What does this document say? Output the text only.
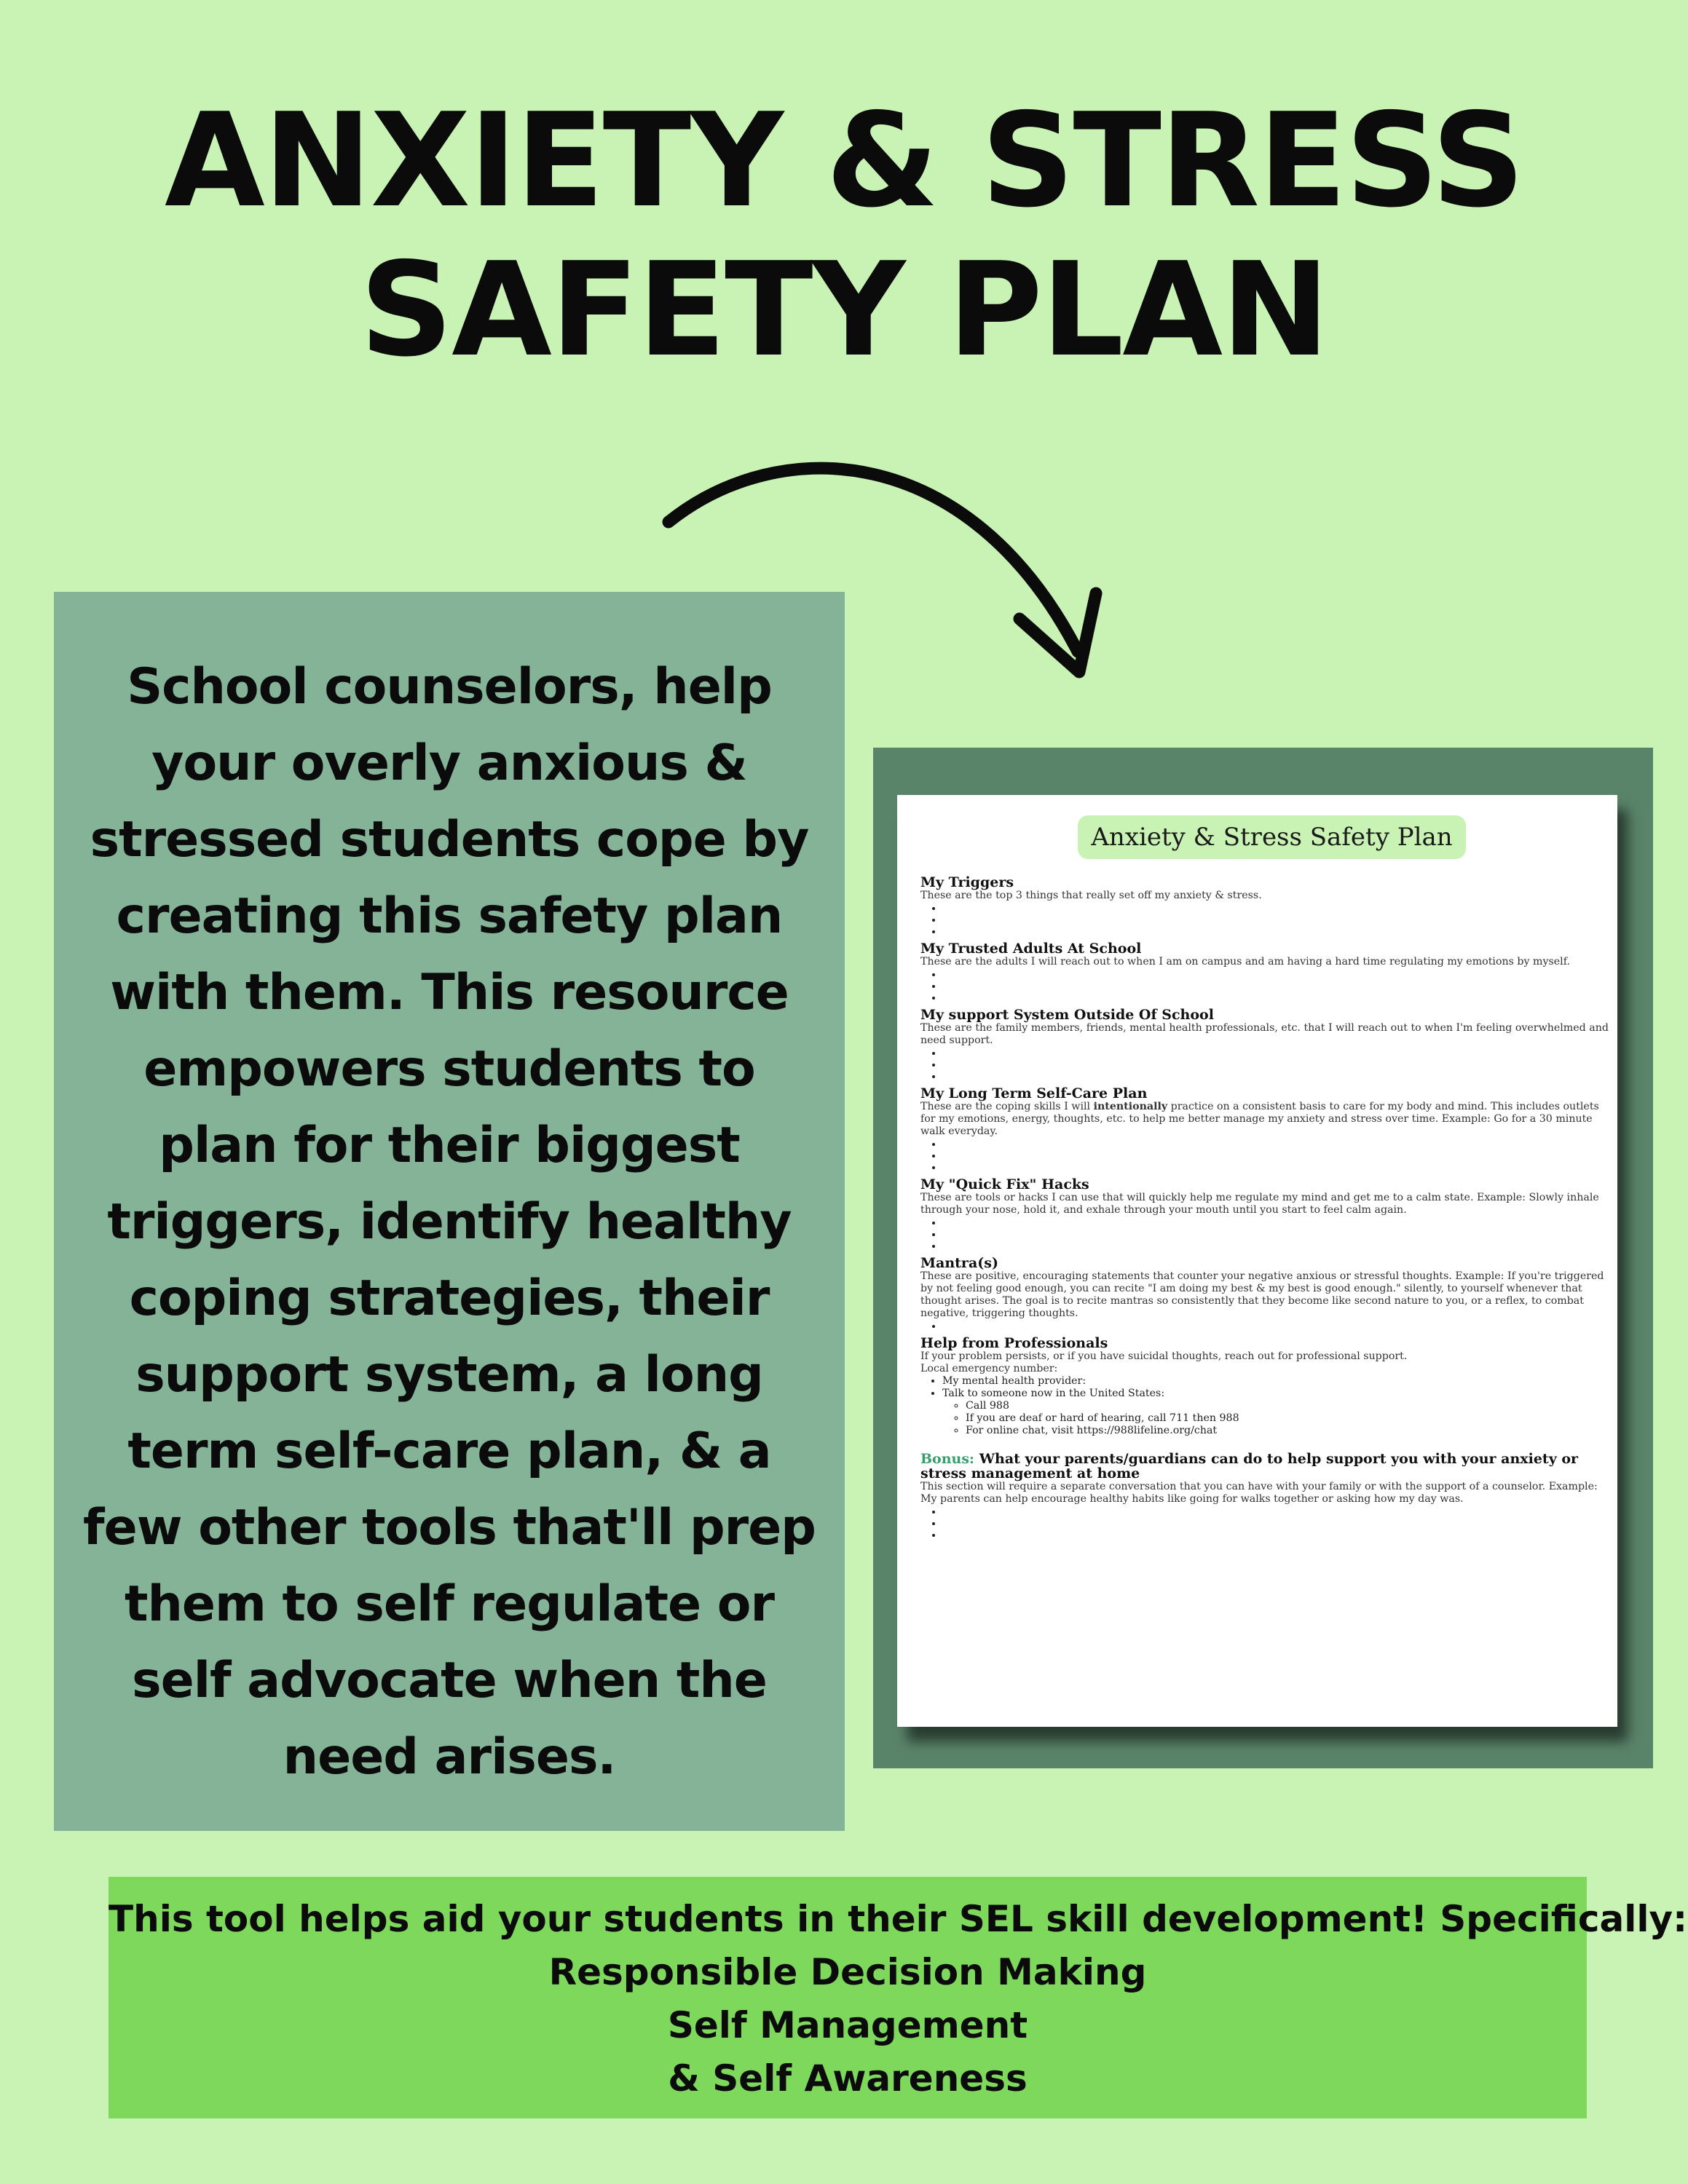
ANXIETY & STRESS
SAFETY PLAN

School counselors, help your overly anxious & stressed students cope by creating this safety plan with them. This resource empowers students to plan for their biggest triggers, identify healthy coping strategies, their support system, a long term self-care plan, & a few other tools that'll prep them to self regulate or self advocate when the need arises.

Anxiety & Stress Safety Plan
My Triggers

These are the top 3 things that really set off my anxiety & stress.

•
•
•
My Trusted Adults At School

These are the adults I will reach out to when I am on campus and am having a hard time regulating my emotions by myself.

•
•
•
My support System Outside Of School

These are the family members, friends, mental health professionals, etc. that I will reach out to when I'm feeling overwhelmed and need support.

•
•
•
My Long Term Self-Care Plan

These are the coping skills I will intentionally practice on a consistent basis to care for my body and mind. This includes outlets for my emotions, energy, thoughts, etc. to help me better manage my anxiety and stress over time. Example: Go for a 30 minute walk everyday.

•
•
•
My "Quick Fix" Hacks

These are tools or hacks I can use that will quickly help me regulate my mind and get me to a calm state. Example: Slowly inhale through your nose, hold it, and exhale through your mouth until you start to feel calm again.

•
•
•
Mantra(s)

These are positive, encouraging statements that counter your negative anxious or stressful thoughts. Example: If you're triggered by not feeling good enough, you can recite "I am doing my best & my best is good enough." silently, to yourself whenever that thought arises. The goal is to recite mantras so consistently that they become like second nature to you, or a reflex, to combat negative, triggering thoughts.

•
Help from Professionals

If your problem persists, or if you have suicidal thoughts, reach out for professional support.

Local emergency number:

• My mental health provider:
• Talk to someone now in the United States:
◦ Call 988
◦ If you are deaf or hard of hearing, call 711 then 988
◦ For online chat, visit https://988lifeline.org/chat
Bonus: What your parents/guardians can do to help support you with your anxiety or stress management at home

This section will require a separate conversation that you can have with your family or with the support of a counselor. Example: My parents can help encourage healthy habits like going for walks together or asking how my day was.

•
•
•
This tool helps aid your students in their SEL skill development! Specifically:
Responsible Decision Making
Self Management
& Self Awareness
